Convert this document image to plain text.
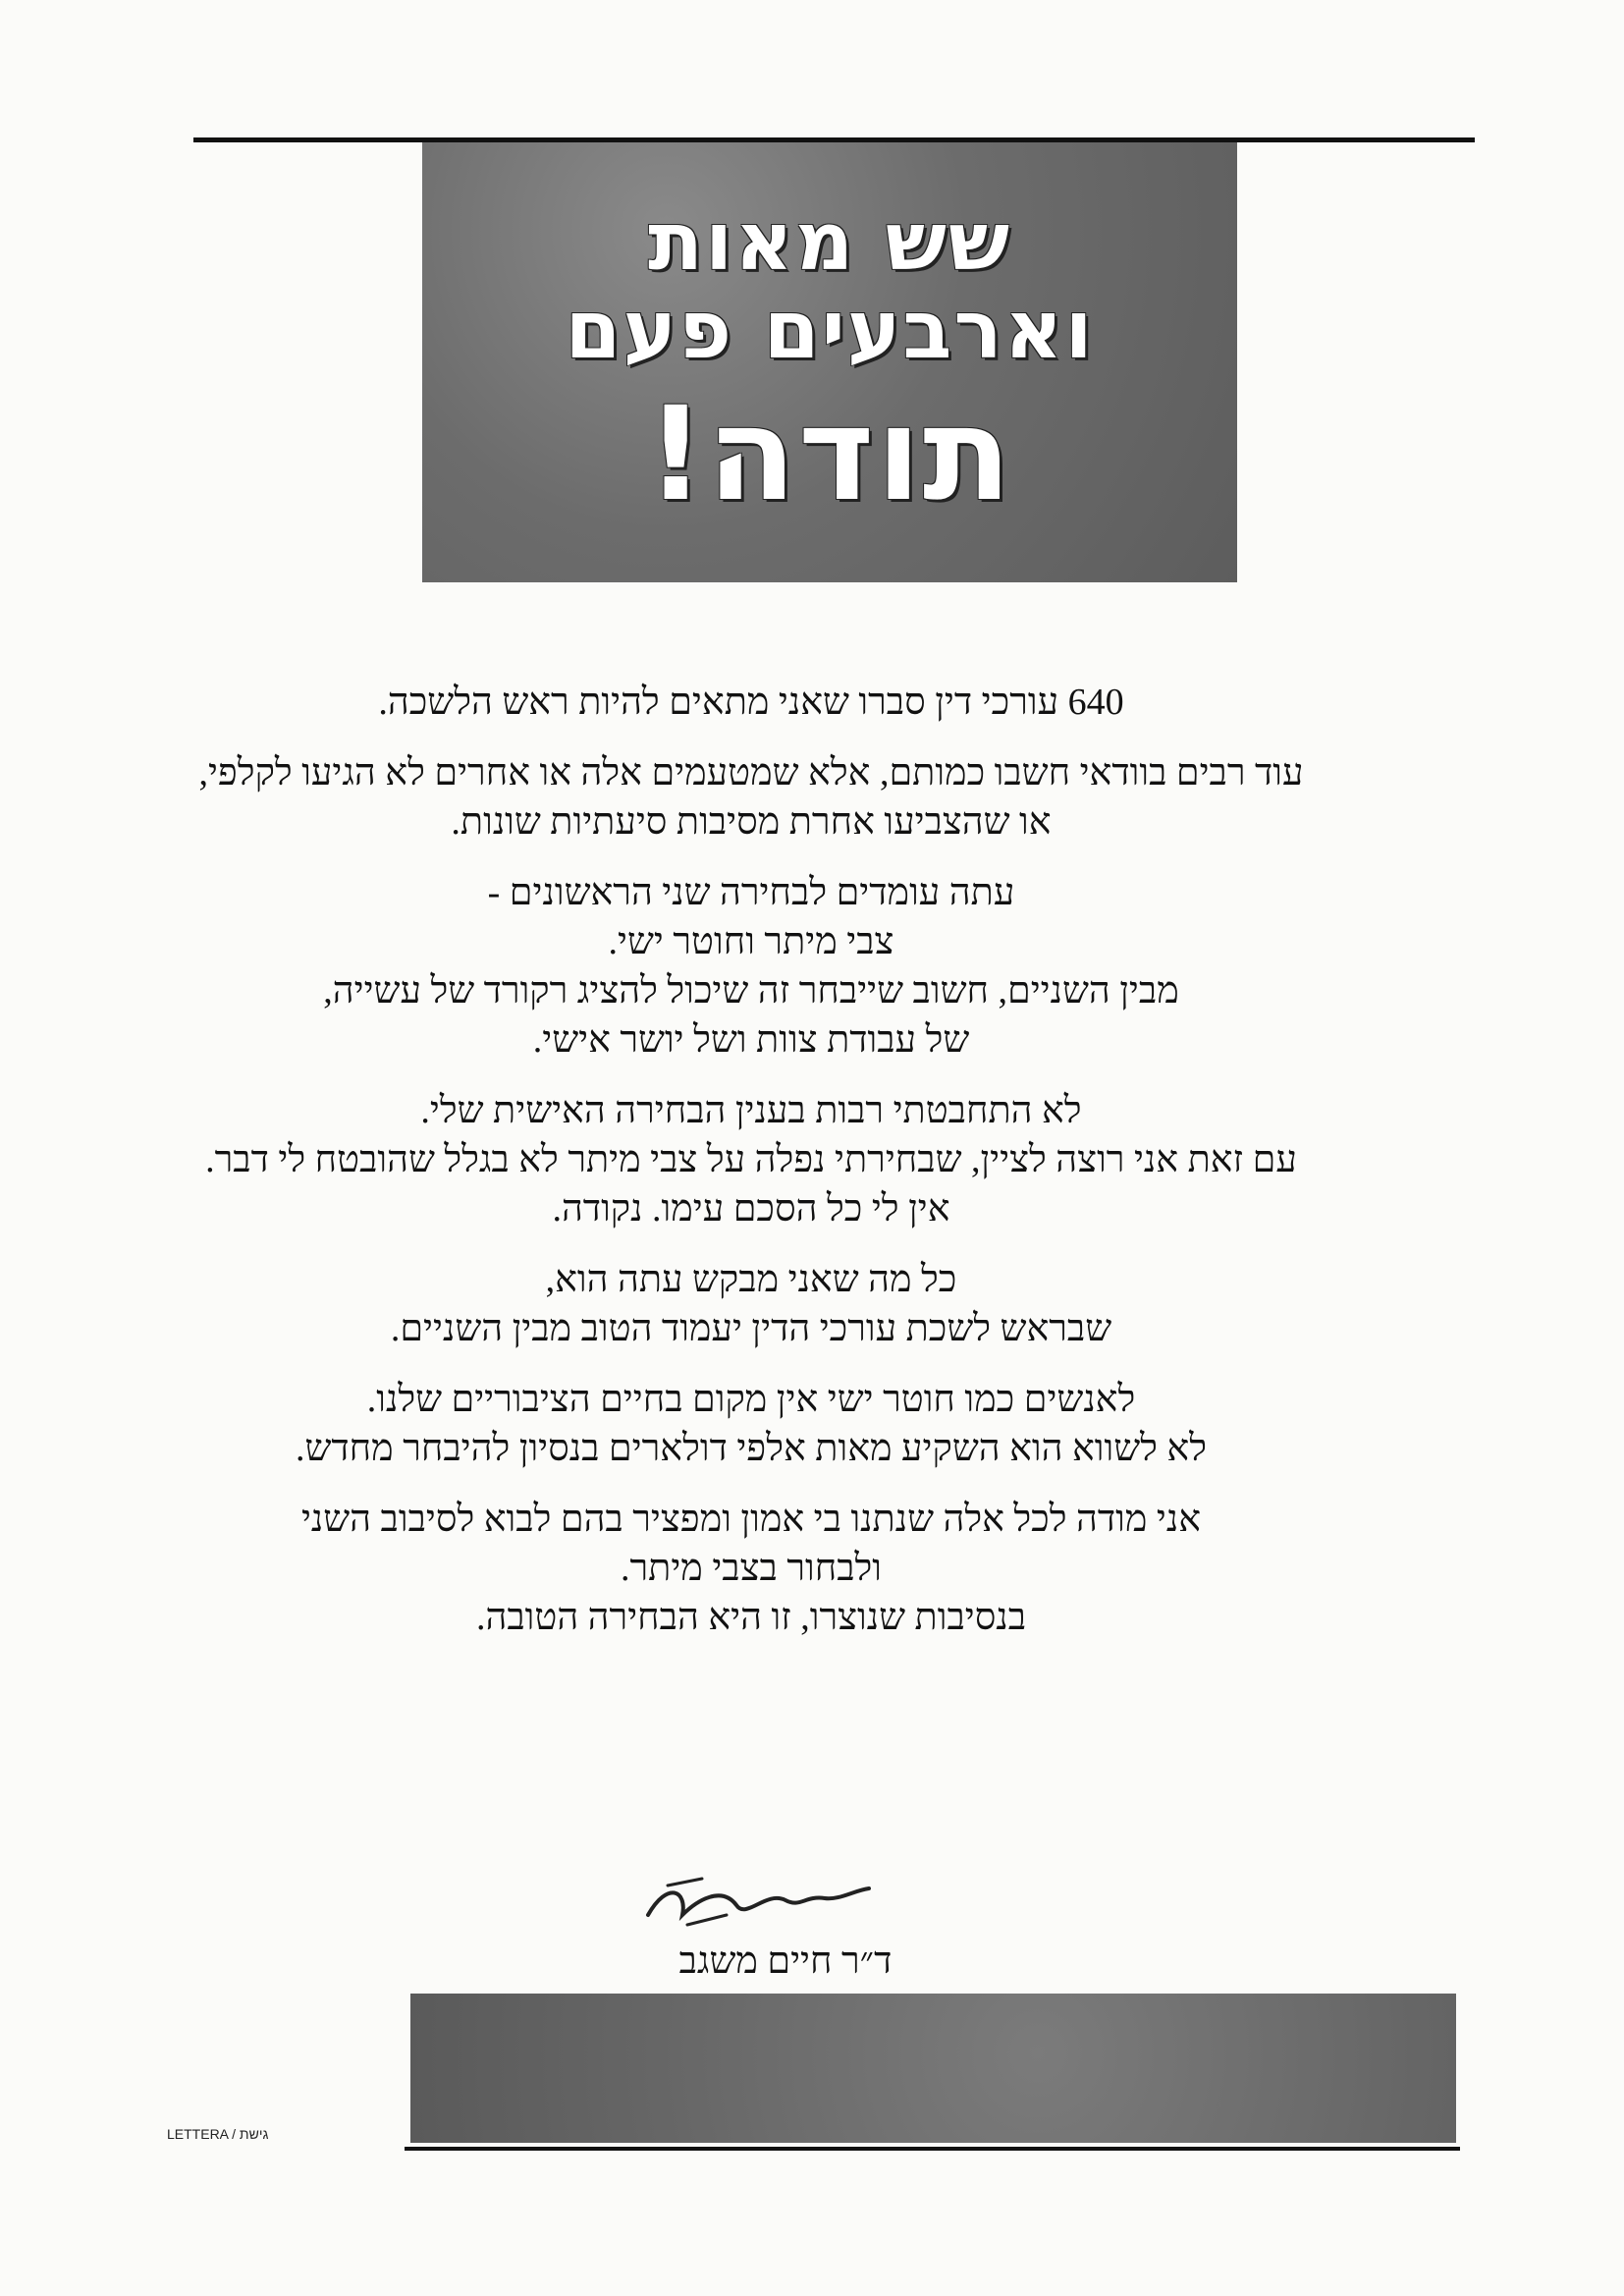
שש מאות
וארבעים פעם
תודה!

640 עורכי דין סברו שאני מתאים להיות ראש הלשכה.

עוד רבים בוודאי חשבו כמותם, אלא שמטעמים אלה או אחרים לא הגיעו לקלפי,
או שהצביעו אחרת מסיבות סיעתיות שונות.

עתה עומדים לבחירה שני הראשונים -
צבי מיתר וחוטר ישי.
מבין השניים, חשוב שייבחר זה שיכול להציג רקורד של עשייה,
של עבודת צוות ושל יושר אישי.

לא התחבטתי רבות בענין הבחירה האישית שלי.
עם זאת אני רוצה לציין, שבחירתי נפלה על צבי מיתר לא בגלל שהובטח לי דבר.
אין לי כל הסכם עימו. נקודה.

כל מה שאני מבקש עתה הוא,
שבראש לשכת עורכי הדין יעמוד הטוב מבין השניים.

לאנשים כמו חוטר ישי אין מקום בחיים הציבוריים שלנו.
לא לשווא הוא השקיע מאות אלפי דולארים בנסיון להיבחר מחדש.

אני מודה לכל אלה שנתנו בי אמון ומפציר בהם לבוא לסיבוב השני
ולבחור בצבי מיתר.
בנסיבות שנוצרו, זו היא הבחירה הטובה.

ד״ר חיים משגב
LETTERA / גישת
